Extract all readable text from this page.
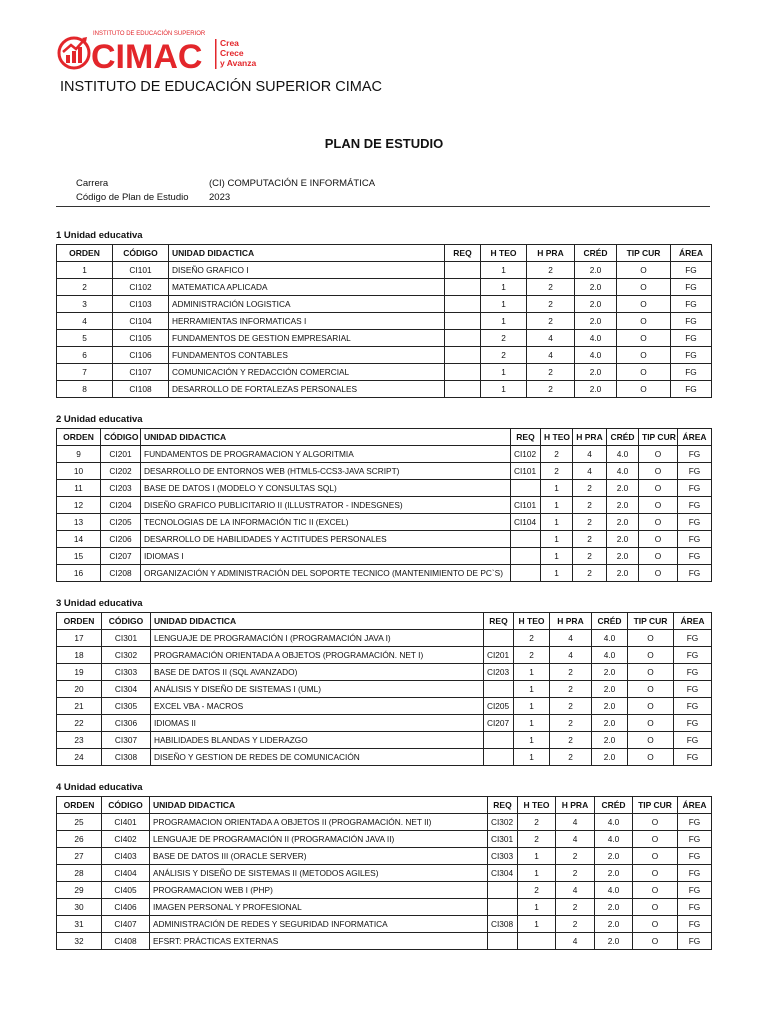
INSTITUTO DE EDUCACIÓN SUPERIOR
CIMAC Crea
Crece
y Avanza
INSTITUTO DE EDUCACIÓN SUPERIOR CIMAC
PLAN DE ESTUDIO
Carrera	(CI) COMPUTACIÓN E INFORMÁTICA
Código de Plan de Estudio	2023
1 Unidad educativa
ORDEN	CÓDIGO	UNIDAD DIDACTICA	REQ	H TEO	H PRA	CRÉD	TIP CUR	ÁREA
1	CI101	DISEÑO GRAFICO I		1	2	2.0	O	FG
2	CI102	MATEMATICA APLICADA		1	2	2.0	O	FG
3	CI103	ADMINISTRACIÓN LOGISTICA		1	2	2.0	O	FG
4	CI104	HERRAMIENTAS INFORMATICAS I		1	2	2.0	O	FG
5	CI105	FUNDAMENTOS DE GESTION EMPRESARIAL		2	4	4.0	O	FG
6	CI106	FUNDAMENTOS CONTABLES		2	4	4.0	O	FG
7	CI107	COMUNICACIÓN Y REDACCIÓN COMERCIAL		1	2	2.0	O	FG
8	CI108	DESARROLLO DE FORTALEZAS PERSONALES		1	2	2.0	O	FG
2 Unidad educativa
ORDEN	CÓDIGO	UNIDAD DIDACTICA	REQ	H TEO	H PRA	CRÉD	TIP CUR	ÁREA
9	CI201	FUNDAMENTOS DE PROGRAMACION Y ALGORITMIA	CI102	2	4	4.0	O	FG
10	CI202	DESARROLLO DE ENTORNOS WEB (HTML5-CCS3-JAVA SCRIPT)	CI101	2	4	4.0	O	FG
11	CI203	BASE DE DATOS I (MODELO Y CONSULTAS SQL)		1	2	2.0	O	FG
12	CI204	DISEÑO GRAFICO PUBLICITARIO II (ILLUSTRATOR - INDESGNES)	CI101	1	2	2.0	O	FG
13	CI205	TECNOLOGIAS DE LA INFORMACIÓN TIC II (EXCEL)	CI104	1	2	2.0	O	FG
14	CI206	DESARROLLO DE HABILIDADES Y ACTITUDES PERSONALES		1	2	2.0	O	FG
15	CI207	IDIOMAS I		1	2	2.0	O	FG
16	CI208	ORGANIZACIÓN Y ADMINISTRACIÓN DEL SOPORTE TECNICO (MANTENIMIENTO DE PC`S)		1	2	2.0	O	FG
3 Unidad educativa
ORDEN	CÓDIGO	UNIDAD DIDACTICA	REQ	H TEO	H PRA	CRÉD	TIP CUR	ÁREA
17	CI301	LENGUAJE DE PROGRAMACIÓN I (PROGRAMACIÓN JAVA I)		2	4	4.0	O	FG
18	CI302	PROGRAMACIÓN ORIENTADA A OBJETOS (PROGRAMACIÓN. NET I)	CI201	2	4	4.0	O	FG
19	CI303	BASE DE DATOS II (SQL AVANZADO)	CI203	1	2	2.0	O	FG
20	CI304	ANÁLISIS Y DISEÑO DE SISTEMAS I (UML)		1	2	2.0	O	FG
21	CI305	EXCEL VBA - MACROS	CI205	1	2	2.0	O	FG
22	CI306	IDIOMAS II	CI207	1	2	2.0	O	FG
23	CI307	HABILIDADES BLANDAS Y LIDERAZGO		1	2	2.0	O	FG
24	CI308	DISEÑO Y GESTION DE REDES DE COMUNICACIÓN		1	2	2.0	O	FG
4 Unidad educativa
ORDEN	CÓDIGO	UNIDAD DIDACTICA	REQ	H TEO	H PRA	CRÉD	TIP CUR	ÁREA
25	CI401	PROGRAMACION ORIENTADA A OBJETOS II (PROGRAMACIÓN. NET II)	CI302	2	4	4.0	O	FG
26	CI402	LENGUAJE DE PROGRAMACIÓN II (PROGRAMACIÓN JAVA II)	CI301	2	4	4.0	O	FG
27	CI403	BASE DE DATOS III (ORACLE SERVER)	CI303	1	2	2.0	O	FG
28	CI404	ANÁLISIS Y DISEÑO DE SISTEMAS II (METODOS AGILES)	CI304	1	2	2.0	O	FG
29	CI405	PROGRAMACION WEB I (PHP)		2	4	4.0	O	FG
30	CI406	IMAGEN PERSONAL Y PROFESIONAL		1	2	2.0	O	FG
31	CI407	ADMINISTRACIÓN DE REDES Y SEGURIDAD INFORMATICA	CI308	1	2	2.0	O	FG
32	CI408	EFSRT: PRÁCTICAS EXTERNAS			4	2.0	O	FG
